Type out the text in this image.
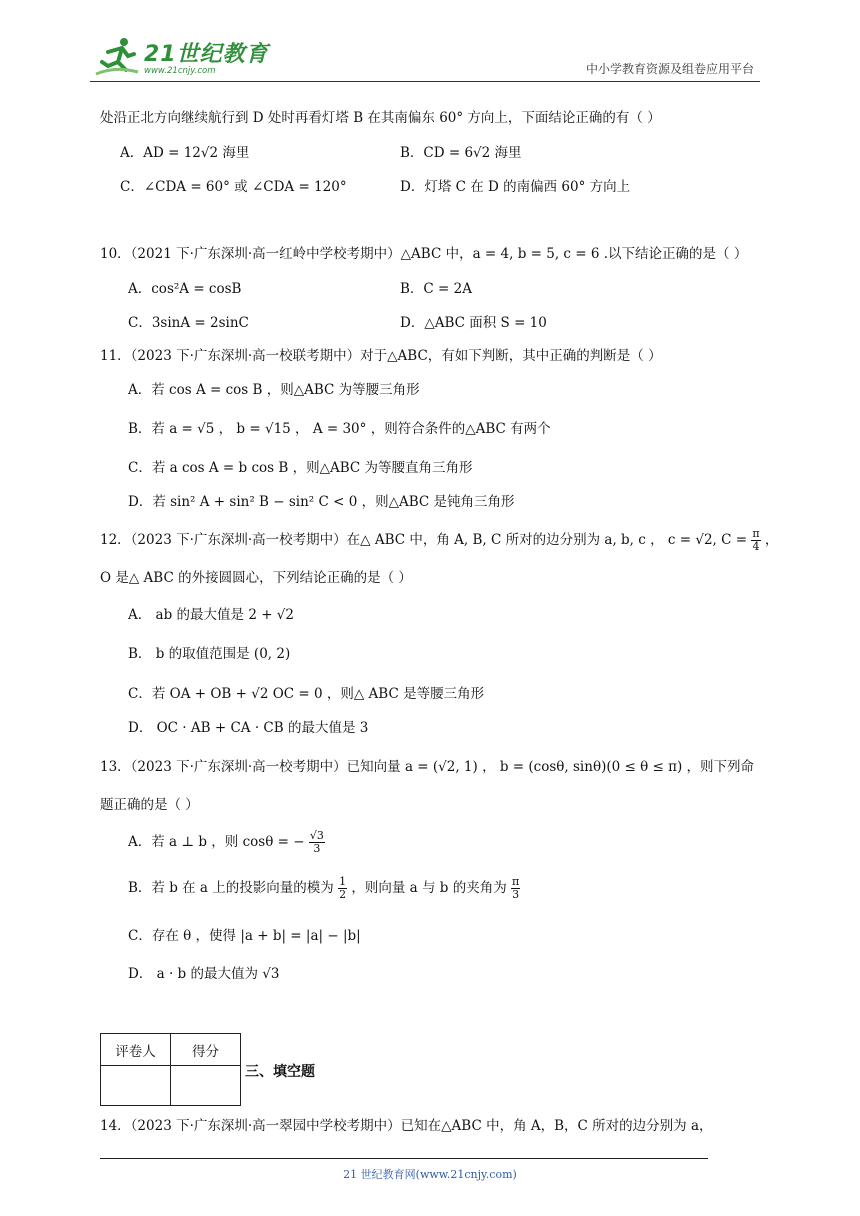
21世纪教育
www.21cnjy.com	中小学教育资源及组卷应用平台
处沿正北方向继续航行到 D 处时再看灯塔 B 在其南偏东 60° 方向上，下面结论正确的有（ ）
A．AD = 12√2 海里	B．CD = 6√2 海里
C．∠CDA = 60° 或 ∠CDA = 120°	D．灯塔 C 在 D 的南偏西 60° 方向上
10．（2021 下·广东深圳·高一红岭中学校考期中）△ABC 中，a = 4, b = 5, c = 6 .以下结论正确的是（ ）
A．cos²A = cosB	B．C = 2A
C．3sinA = 2sinC	D．△ABC 面积 S = 10
11．（2023 下·广东深圳·高一校联考期中）对于△ABC，有如下判断，其中正确的判断是（ ）
A．若 cos A = cos B ，则△ABC 为等腰三角形
B．若 a = √5 ， b = √15 ， A = 30° ，则符合条件的△ABC 有两个
C．若 a cos A = b cos B ，则△ABC 为等腰直角三角形
D．若 sin² A + sin² B − sin² C < 0 ，则△ABC 是钝角三角形
12．（2023 下·广东深圳·高一校考期中）在△ ABC 中，角 A, B, C 所对的边分别为 a, b, c ， c = √2, $C = \frac{\pi}{4}$ ，
O 是△ ABC 的外接圆圆心，下列结论正确的是（ ）
A． ab 的最大值是 2 + √2
B． b 的取值范围是 (0, 2)
C．若 OA + OB + √2 OC = 0 ，则△ ABC 是等腰三角形
D． OC · AB + CA · CB 的最大值是 3
13．（2023 下·广东深圳·高一校考期中）已知向量 a = (√2, 1) ， b = (cosθ, sinθ)(0 ≤ θ ≤ π) ，则下列命
题正确的是（ ）
A．若 a ⊥ b ，则 cosθ = − $\frac{√3}{3}$
B．若 b 在 a 上的投影向量的模为 $\frac{1}{2}$ ，则向量 a 与 b 的夹角为 $\frac{\pi}{3}$
C．存在 θ ，使得 |a + b| = |a| − |b|
D． a · b 的最大值为 √3
评卷人	得分

三、填空题
14．（2023 下·广东深圳·高一翠园中学校考期中）已知在△ABC 中，角 A，B，C 所对的边分别为 a，
21 世纪教育网(www.21cnjy.com)
